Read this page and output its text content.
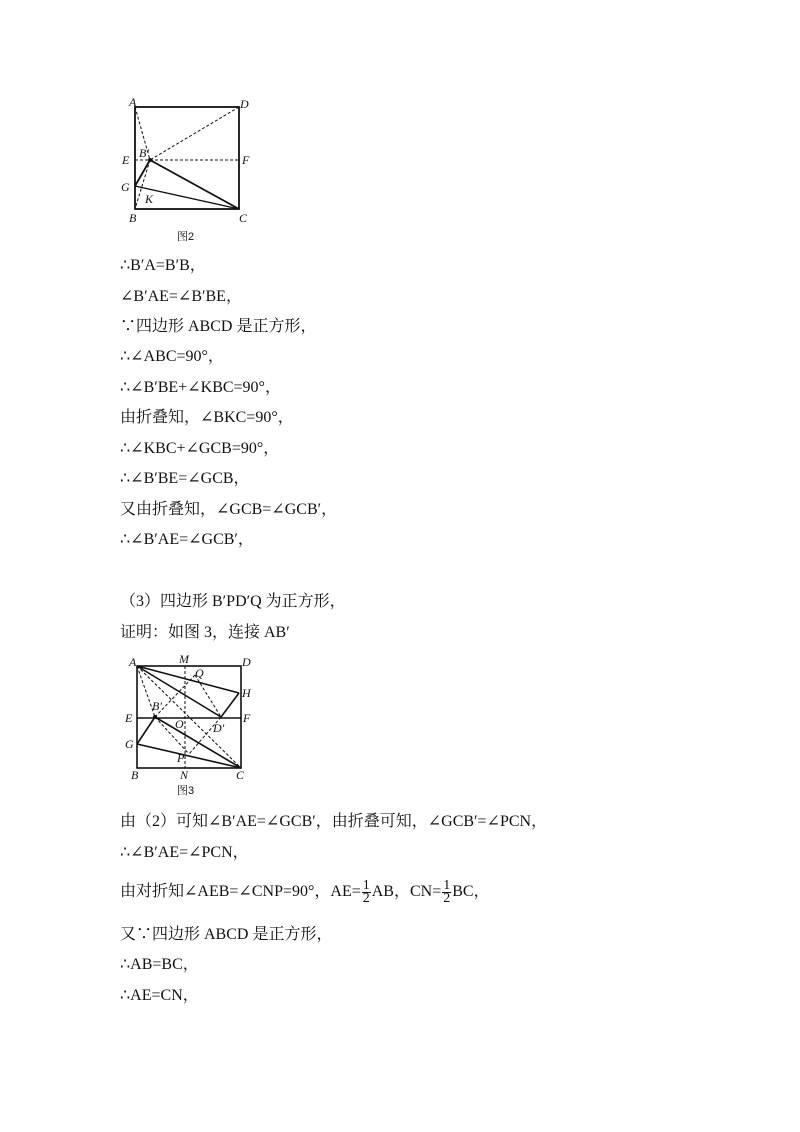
A	D
E	F
G
B	C
B′
K
图2
∴B′A=B′B，
∠B′AE=∠B′BE，
∵四边形 ABCD 是正方形，
∴∠ABC=90°，
∴∠B′BE+∠KBC=90°，
由折叠知，∠BKC=90°，
∴∠KBC+∠GCB=90°，
∴∠B′BE=∠GCB，
又由折叠知，∠GCB=∠GCB′，
∴∠B′AE=∠GCB′，
（3）四边形 B′PD′Q 为正方形，
证明：如图 3，连接 AB′
A	M
Q
D
H
E
B′
O D′
F
G
P
B	N	C
图3
由（2）可知∠B′AE=∠GCB′，由折叠可知，∠GCB′=∠PCN，
∴∠B′AE=∠PCN，
由对折知∠AEB=∠CNP=90°，$AE= \frac{1}{2}$ AB，$CN= \frac{1}{2}$ BC，
又∵四边形 ABCD 是正方形，
∴AB=BC，
∴AE=CN，
